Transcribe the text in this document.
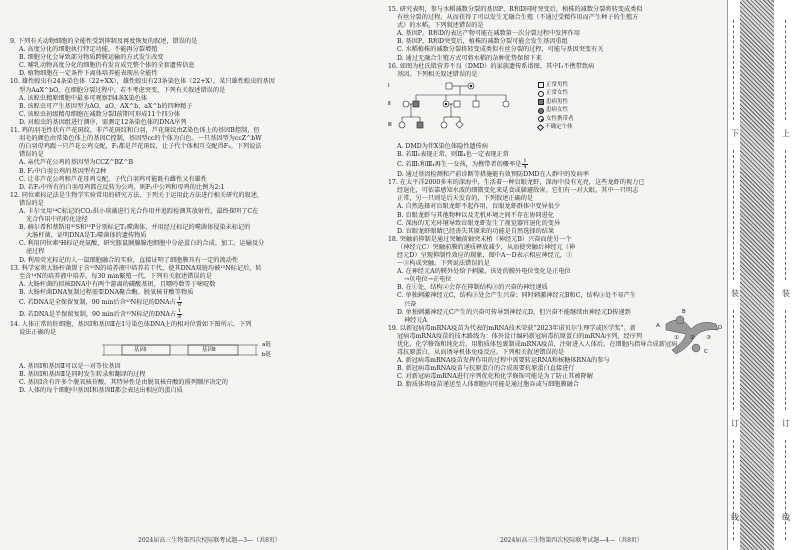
9. 下列有关动物细胞的全能性受到抑制及再度恢复的叙述，错误的是

A. 高度分化的细胞执行特定功能，不能再分裂增殖

B. 细胞分化会导致部分物质跨膜运输的方式发生改变

C. 哺乳动物高度分化的细胞仍有发育成完整个体的全套遗传信息

D. 植物细胞在一定条件下离体培养能表现出全能性

10. 雄性蝗虫有24条染色体（22+XX），雄性蝗虫有23条染色体（22+X）。某只雄性蝗虫的基因

型为AaX^bO，在细胞分裂过程中，若不考虑突变，下列有关叙述错误的是

A. 该蝗虫精原细胞中最多可观察到4条X染色体

B. 该蝗虫可产生基因型为AO、aO、AX^b、aX^b的四种精子

C. 该蝗虫初级精母细胞在减数分裂Ⅰ前期可形成11个四分体

D. 对蝗虫的基因组进行测序，需测定12条染色体的DNA序列

11. 鸡的羽毛性状有芦花斑纹，非芦花斑纹和白羽，芦花斑纹由Z染色体上的基因B控制，但

羽毛的颜色由常染色体上的基因C控制，基因型cc的个体为白色。一只基因型为ccZ^bW

的白羽母鸡跟一只芦花公鸡交配，F₁都是芦花斑纹，让子代个体相互交配得F₂。下列说法

错误的是

A. 亲代芦花公鸡的基因型为CCZ^BZ^B

B. F₂中白羽公鸡的基因型有2种

C. 让非芦花公鸡和芦花母鸡交配，子代白羽鸡可能既有雌性又有雄性

D. 若F₂中所有的白羽母鸡都在反转为公鸡，则F₂中公鸡和母鸡的比例为2:1

12. 同位素标记法是生物学实验常用的研究方法，下列关于运用此方法进行相关研究的叙述，

错误的是

A. 卡尔文用¹⁴C标记的CO₂供小球藻进行光合作用并追踪检测其放射性，最终探明了C在

光合作用中的转化途径

B. 赫尔希和蔡斯用³⁵S和³²P分别标记T₂噬菌体，并用经过标记的噬菌体侵染未标记的

大肠杆菌，证明DNA是T₂噬菌体的遗传物质

C. 利用同位素³H标记亮氨酸，研究豚鼠胰腺腺泡细胞中分泌蛋白的合成、加工、运输及分

泌过程

D. 利用荧光标记的人一鼠细胞融合的实验，直接证明了细胞膜具有一定的流动性

13. 科学家将大肠杆菌置于含¹⁵N的培养液中培养若干代，使其DNA双链均被¹⁵N标记后，转

至含¹⁴N的培养液中培养，每30 min繁殖一代。下列有关叙述错误的是

A. 大肠杆菌的拟核DNA中有两个游离的磷酸基团，且嘌呤数等于嘧啶数

B. 大肠杆菌DNA复制过程需要DNA聚合酶、脱氧核苷酸等物质

C. 若DNA是全保留复制，90 min后含¹⁵N标记的DNA占 $\frac{1}{8}$

D. 若DNA是半保留复制，90 min后含¹⁵N标记的DNA占 $\frac{1}{4}$

14. 人体正常的肝细胞，基因Ⅰ和基因Ⅱ在1号染色体DNA上的相对位置如下图所示，下列

说法正确的是

基因Ⅰ	基因Ⅱ
a链
b链

A. 基因Ⅰ和基因Ⅱ可以是一对等位基因

B. 基因Ⅰ和基因Ⅱ是同时发生转录和翻译的过程

C. 基因Ⅰ含有许多个脱氧核苷酸，其特异性是由脱氧核苷酸的排列顺序决定的

D. 人体的每个细胞中基因Ⅰ和基因Ⅱ都会表达出相应的蛋白质

2024届高三生物第四次校际联考试题—3—（共8页）

15. 研究表明，参与水稻减数分裂的基因P、R和D同时突变后，植株的减数分裂将转变成类似

有丝分裂的过程，从而获得了可以发生无融合生殖（不通过受精作用而产生种子的生殖方

式）的水稻。下列叙述错误的是

A. 基因P、R和D的表达产物可能在减数第一次分裂过程中发挥作用

B. 基因P、R和D突变后，植株的减数分裂可能会发生基因重组

C. 水稻植株的减数分裂将转变成类似有丝分裂的过程，可能与基因突变有关

D. 通过无融合生殖方式可将水稻的杂种优势保留下来

16. 如图为杜氏肌营养不良（DMD）的家族遗传系谱图，其中Ⅰ₁不携带致病

基因。下列相关叙述错误的是

Ⅰ
Ⅱ
Ⅲ
正常男性
正常女性
患病男性
患病女性
女性携带者
不确定个体

A. DMD为伴X染色体隐性遗传病

B. 若Ⅲ₁表现正常，则Ⅲ₄也一定表现正常

C. 若Ⅲ₁和Ⅲ₄再生一女孩，为携带者的概率是 $\frac{1}{4}$

D. 通过基因检测和产前诊断等措施能有效预防DMD在人群中的发病率

17. 在太平洋2000多米的深海中，生活着一种盲眼龙虾，深海中没有光亮，这些龙虾的视力已

经退化，可依靠感知水波的细微变化来觅食或躲避敌害。它们有一对大眼，其中一只明志

正常，另一只则是后天发育的，下列叙述正确的是

A. 自然选择对盲眼龙虾不起作用，盲眼龙虾群体中变异很少

B. 盲眼龙虾与其他物种以及无机环境之间不存在协同进化

C. 深海的无光环境导致盲眼龙虾发生了视觉器官退化的变异

D. 盲眼龙虾眼睛已经丧失其原来的功能是自然选择的结果

18. 突触前抑制是通过突触前轴突末梢（神经元B）兴奋而使另一个

（神经元C）突触前膜的递质释放减少，从而使突触后神经元（神

经元D）呈现抑制性效应的现象，图中A～D表示相应神经元，①

～③构成突触。下列说法错误的是

A. 在神经元A的膜外处给予刺激，该处的膜外电位变化是正电位

→负电位→正电位

B. 在①处，结构②会存在抑制结构③的兴奋的神经递质

C. 单独刺激神经元C，结构③处会产生兴奋；同时刺激神经元B和C，结构③处不易产生

兴奋

D. 单独刺激神经元C产生的兴奋可传导到神经元D，但兴奋不能继续由神经元D传递到

神经元A

19. 以新冠病毒mRNA疫苗为代表的mRNA技术荣获“2023年诺贝尔生理学或医学奖”。新

冠病毒mRNA疫苗的技术路线为：体外设计编码新冠病毒抗原蛋白的mRNA序列，经序列

优化、化学修饰和纯化后，用脂质体包裹制成mRNA疫苗，注射进入人体后，在细胞内指导合成新冠病

毒抗原蛋白，从而诱导机体免疫反应。下列相关叙述错误的是

A. 新冠病毒mRNA疫苗发挥作用的过程中需要转运RNA和核糖体RNA的参与

B. 新冠病毒mRNA疫苗与抗原蛋白的合成需要抗原蛋白直接进行

C. 对新冠病毒mRNA进行序列优化和化学修饰可能是为了防止其被降解

D. 脂质体将疫苗递送至人体细胞内可能是通过胞吞或与细胞膜融合

A
B
C
D
① ② ③
2024届高三生物第四次校际联考试题—4—（共8页）
下
装
订
线
上
装
订
线
